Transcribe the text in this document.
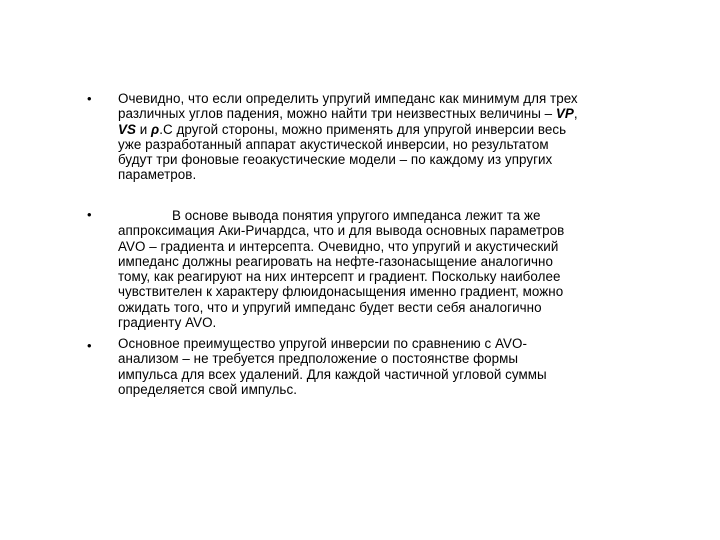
• Очевидно, что если определить упругий импеданс как минимум для трех
различных углов падения, можно найти три неизвестных величины – VP,
VS и ρ.С другой стороны, можно применять для упругой инверсии весь
уже разработанный аппарат акустической инверсии, но результатом
будут три фоновые геоакустические модели – по каждому из упругих
параметров.
•	В основе вывода понятия упругого импеданса лежит та же
аппроксимация Аки-Ричардса, что и для вывода основных параметров
AVO – градиента и интерсепта. Очевидно, что упругий и акустический
импеданс должны реагировать на нефте-газонасыщение аналогично
тому, как реагируют на них интерсепт и градиент. Поскольку наиболее
чувствителен к характеру флюидонасыщения именно градиент, можно
ожидать того, что и упругий импеданс будет вести себя аналогично
градиенту AVO.
• Основное преимущество упругой инверсии по сравнению с AVO-
анализом – не требуется предположение о постоянстве формы
импульса для всех удалений. Для каждой частичной угловой суммы
определяется свой импульс.
